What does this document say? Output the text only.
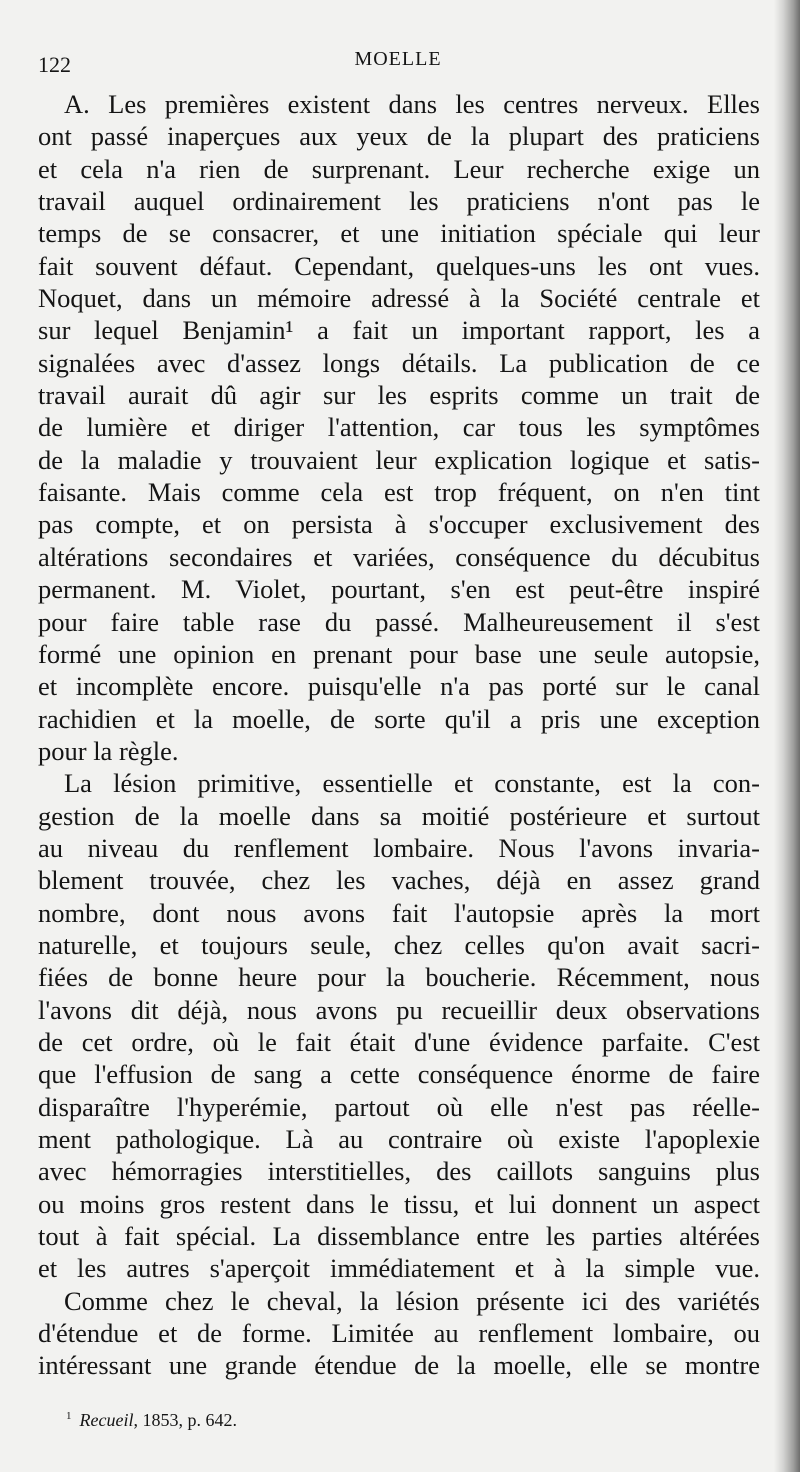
122	MOELLE
A. Les premières existent dans les centres nerveux. Elles
ont passé inaperçues aux yeux de la plupart des praticiens
et cela n'a rien de surprenant. Leur recherche exige un
travail auquel ordinairement les praticiens n'ont pas le
temps de se consacrer, et une initiation spéciale qui leur
fait souvent défaut. Cependant, quelques-uns les ont vues.
Noquet, dans un mémoire adressé à la Société centrale et
sur lequel Benjamin¹ a fait un important rapport, les a
signalées avec d'assez longs détails. La publication de ce
travail aurait dû agir sur les esprits comme un trait de
de lumière et diriger l'attention, car tous les symptômes
de la maladie y trouvaient leur explication logique et satis-
faisante. Mais comme cela est trop fréquent, on n'en tint
pas compte, et on persista à s'occuper exclusivement des
altérations secondaires et variées, conséquence du décubitus
permanent. M. Violet, pourtant, s'en est peut-être inspiré
pour faire table rase du passé. Malheureusement il s'est
formé une opinion en prenant pour base une seule autopsie,
et incomplète encore. puisqu'elle n'a pas porté sur le canal
rachidien et la moelle, de sorte qu'il a pris une exception
pour la règle.
La lésion primitive, essentielle et constante, est la con-
gestion de la moelle dans sa moitié postérieure et surtout
au niveau du renflement lombaire. Nous l'avons invaria-
blement trouvée, chez les vaches, déjà en assez grand
nombre, dont nous avons fait l'autopsie après la mort
naturelle, et toujours seule, chez celles qu'on avait sacri-
fiées de bonne heure pour la boucherie. Récemment, nous
l'avons dit déjà, nous avons pu recueillir deux observations
de cet ordre, où le fait était d'une évidence parfaite. C'est
que l'effusion de sang a cette conséquence énorme de faire
disparaître l'hyperémie, partout où elle n'est pas réelle-
ment pathologique. Là au contraire où existe l'apoplexie
avec hémorragies interstitielles, des caillots sanguins plus
ou moins gros restent dans le tissu, et lui donnent un aspect
tout à fait spécial. La dissemblance entre les parties altérées
et les autres s'aperçoit immédiatement et à la simple vue.
Comme chez le cheval, la lésion présente ici des variétés
d'étendue et de forme. Limitée au renflement lombaire, ou
intéressant une grande étendue de la moelle, elle se montre
$^1$ Recueil, 1853, p. 642.
